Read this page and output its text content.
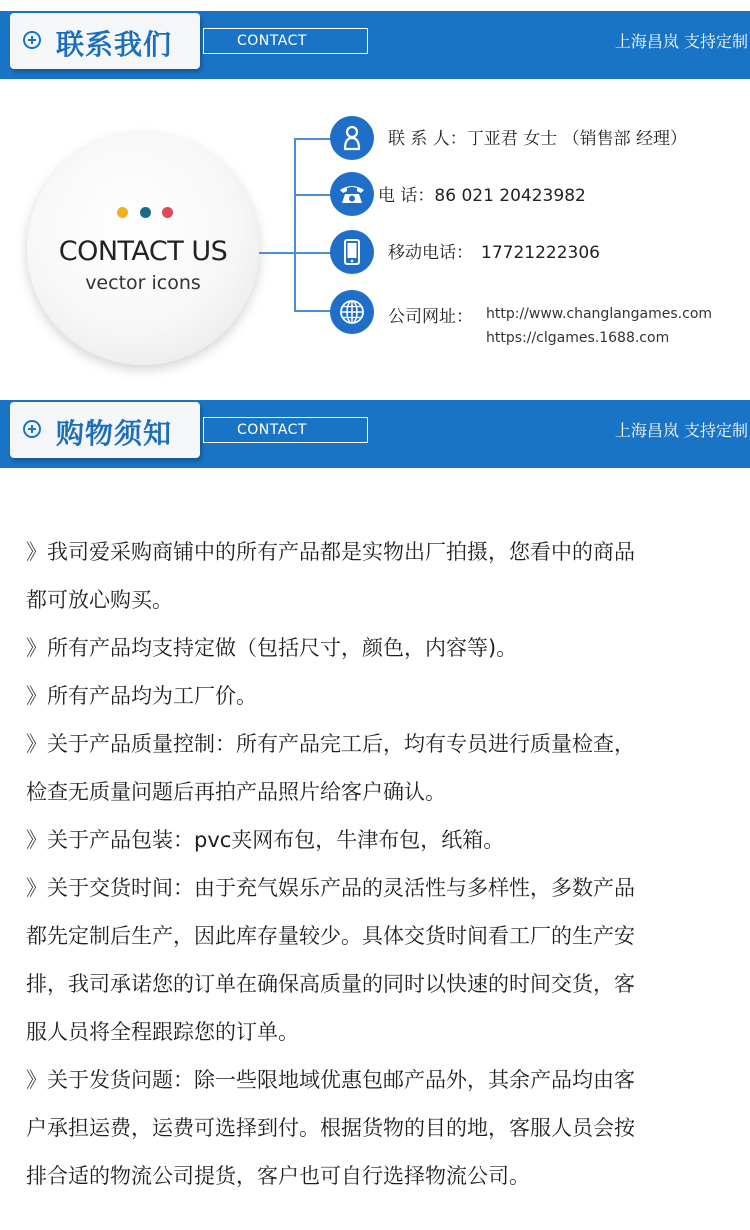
联系我们	CONTACT	上海昌岚 支持定制
CONTACT US
vector icons
联 系 人：丁亚君 女士 （销售部 经理）
电 话：86 021 20423982
移动电话： 17721222306
公司网址： http://www.changlangames.com
https://clgames.1688.com
购物须知	CONTACT	上海昌岚 支持定制
》我司爱采购商铺中的所有产品都是实物出厂拍摄，您看中的商品
都可放心购买。
》所有产品均支持定做（包括尺寸，颜色，内容等)。
》所有产品均为工厂价。
》关于产品质量控制：所有产品完工后，均有专员进行质量检查，
检查无质量问题后再拍产品照片给客户确认。
》关于产品包装：pvc夹网布包，牛津布包，纸箱。
》关于交货时间：由于充气娱乐产品的灵活性与多样性，多数产品
都先定制后生产，因此库存量较少。具体交货时间看工厂的生产安
排，我司承诺您的订单在确保高质量的同时以快速的时间交货，客
服人员将全程跟踪您的订单。
》关于发货问题：除一些限地域优惠包邮产品外，其余产品均由客
户承担运费，运费可选择到付。根据货物的目的地，客服人员会按
排合适的物流公司提货，客户也可自行选择物流公司。
